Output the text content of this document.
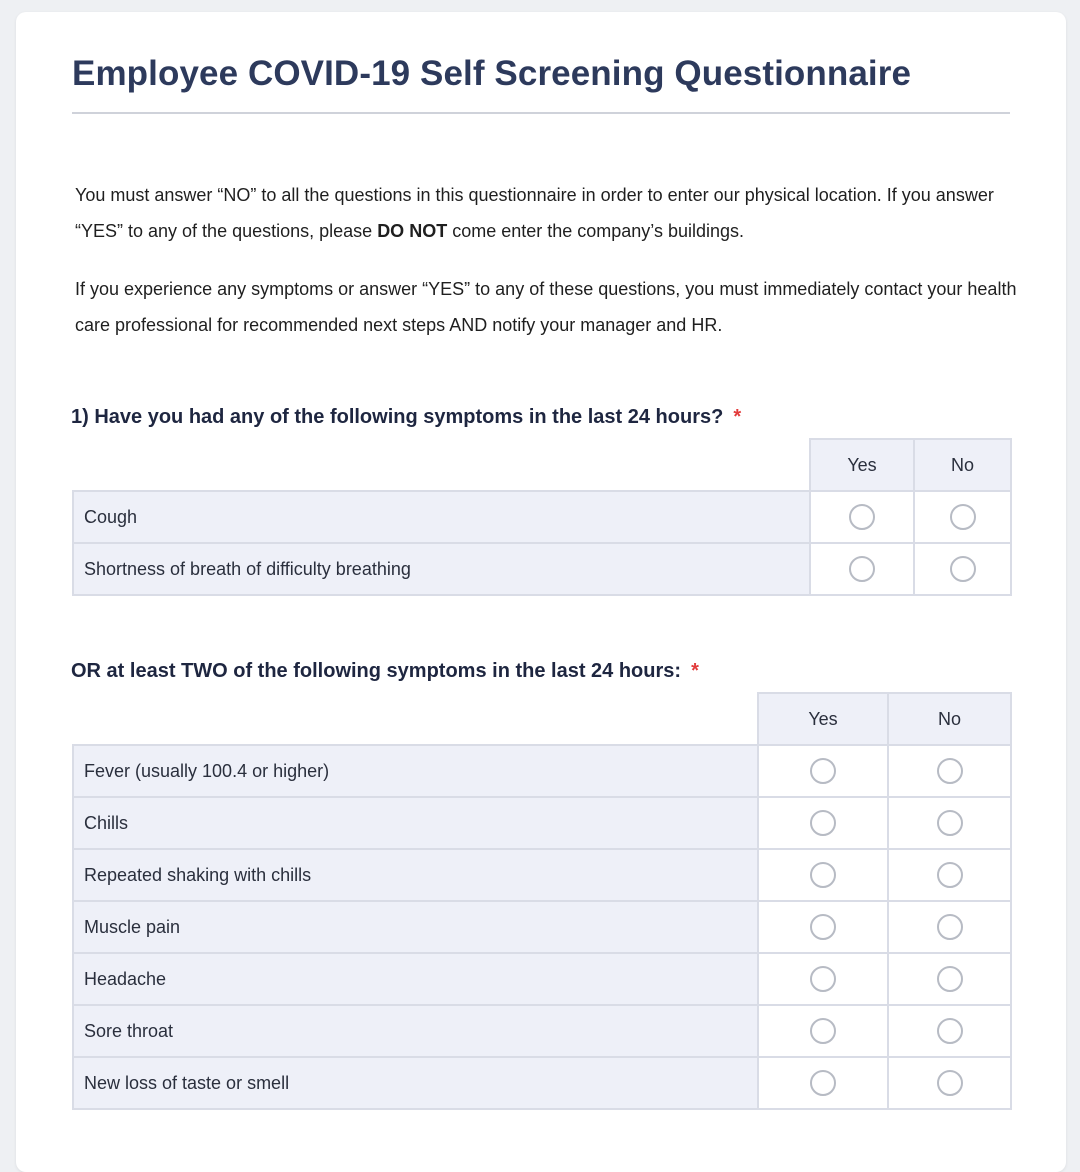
Employee COVID-19 Self Screening Questionnaire

You must answer “NO” to all the questions in this questionnaire in order to enter our physical location. If you answer “YES” to any of the questions, please DO NOT come enter the company’s buildings.

If you experience any symptoms or answer “YES” to any of these questions, you must immediately contact your health care professional for recommended next steps AND notify your manager and HR.

1) Have you had any of the following symptoms in the last 24 hours? *
	Yes	No
Cough		
Shortness of breath of difficulty breathing		
OR at least TWO of the following symptoms in the last 24 hours: *
	Yes	No
Fever (usually 100.4 or higher)		
Chills		
Repeated shaking with chills		
Muscle pain		
Headache		
Sore throat		
New loss of taste or smell		
